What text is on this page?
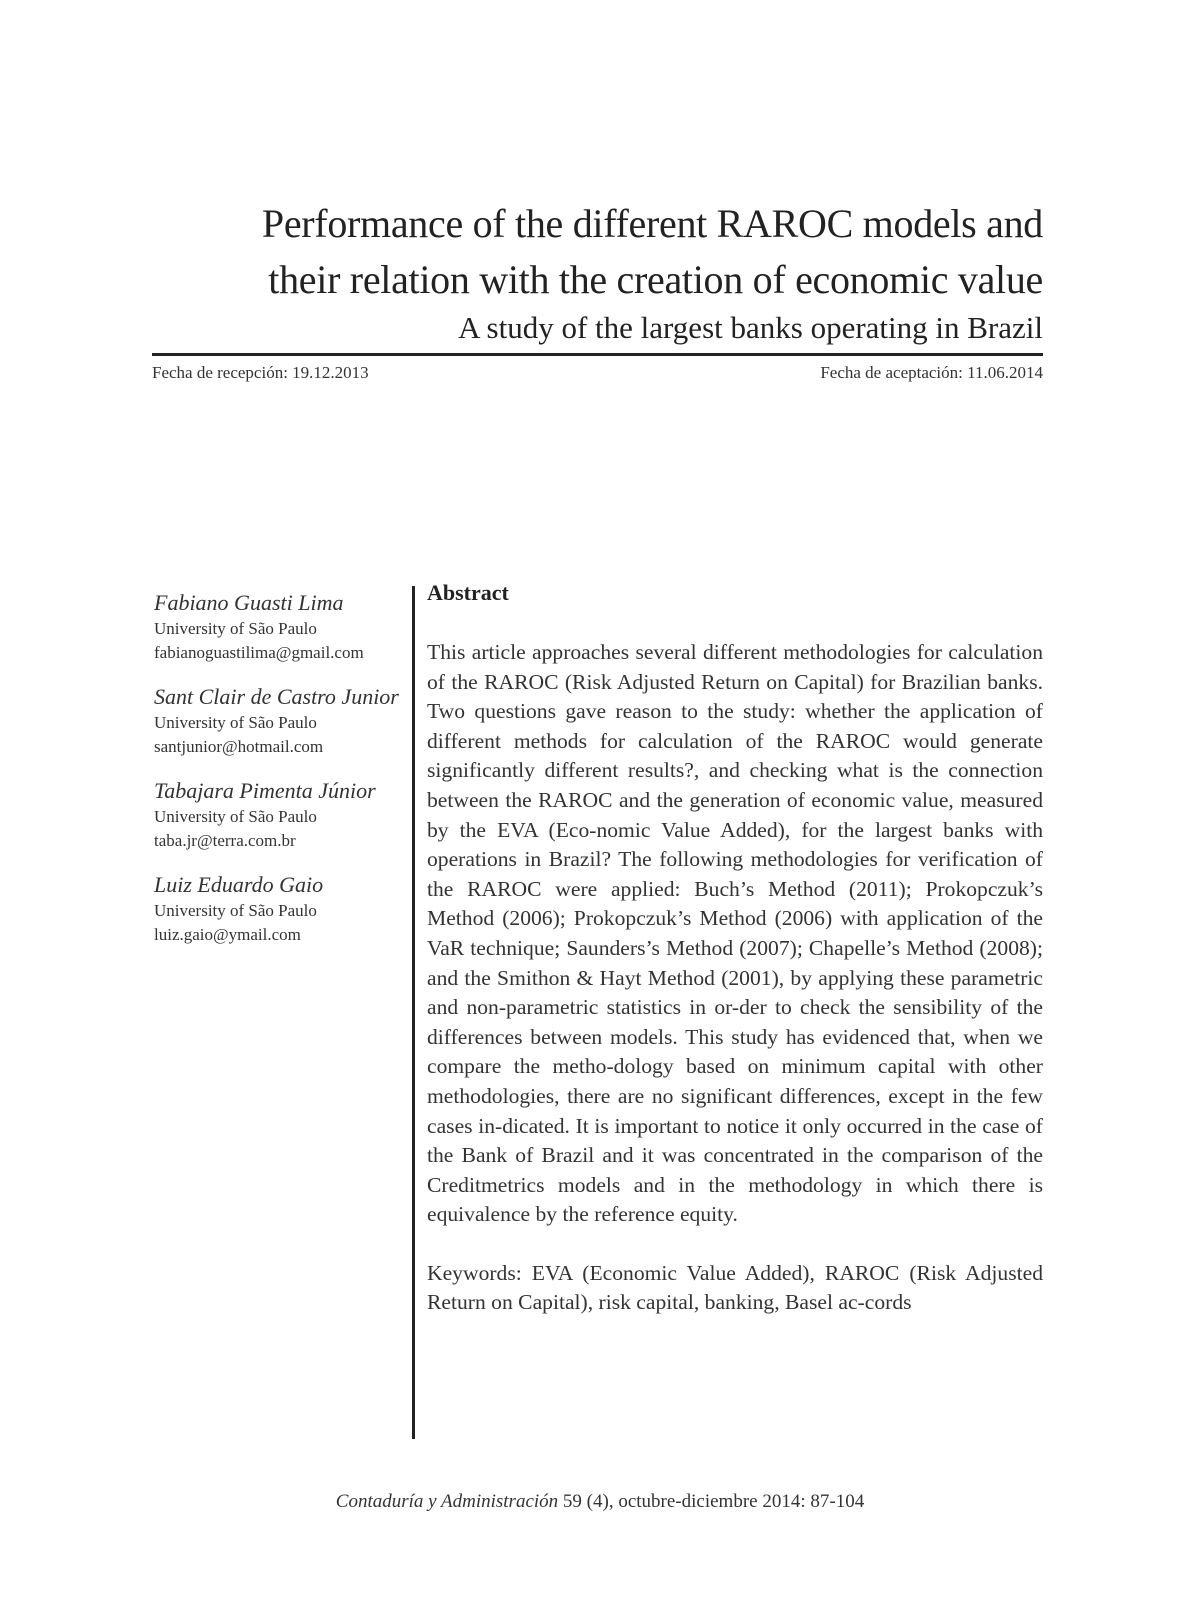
Performance of the different RAROC models and
their relation with the creation of economic value
A study of the largest banks operating in Brazil
Fecha de recepción: 19.12.2013	Fecha de aceptación: 11.06.2014
Fabiano Guasti Lima
University of São Paulo
fabianoguastilima@gmail.com
Sant Clair de Castro Junior
University of São Paulo
santjunior@hotmail.com
Tabajara Pimenta Júnior
University of São Paulo
taba.jr@terra.com.br
Luiz Eduardo Gaio
University of São Paulo
luiz.gaio@ymail.com
Abstract
This article approaches several different methodologies for calculation of the RAROC (Risk Adjusted Return on Capital) for Brazilian banks. Two questions gave reason to the study: whether the application of different methods for calculation of the RAROC would generate significantly different results?, and checking what is the connection between the RAROC and the generation of economic value, measured by the EVA (Eco-nomic Value Added), for the largest banks with operations in Brazil? The following methodologies for verification of the RAROC were applied: Buch’s Method (2011); Prokopczuk’s Method (2006); Prokopczuk’s Method (2006) with application of the VaR technique; Saunders’s Method (2007); Chapelle’s Method (2008); and the Smithon & Hayt Method (2001), by applying these parametric and non-parametric statistics in or-der to check the sensibility of the differences between models. This study has evidenced that, when we compare the metho-dology based on minimum capital with other methodologies, there are no significant differences, except in the few cases in-dicated. It is important to notice it only occurred in the case of the Bank of Brazil and it was concentrated in the comparison of the Creditmetrics models and in the methodology in which there is equivalence by the reference equity.
Keywords: EVA (Economic Value Added), RAROC (Risk Adjusted Return on Capital), risk capital, banking, Basel ac-cords
Contaduría y Administración 59 (4), octubre-diciembre 2014: 87-104
